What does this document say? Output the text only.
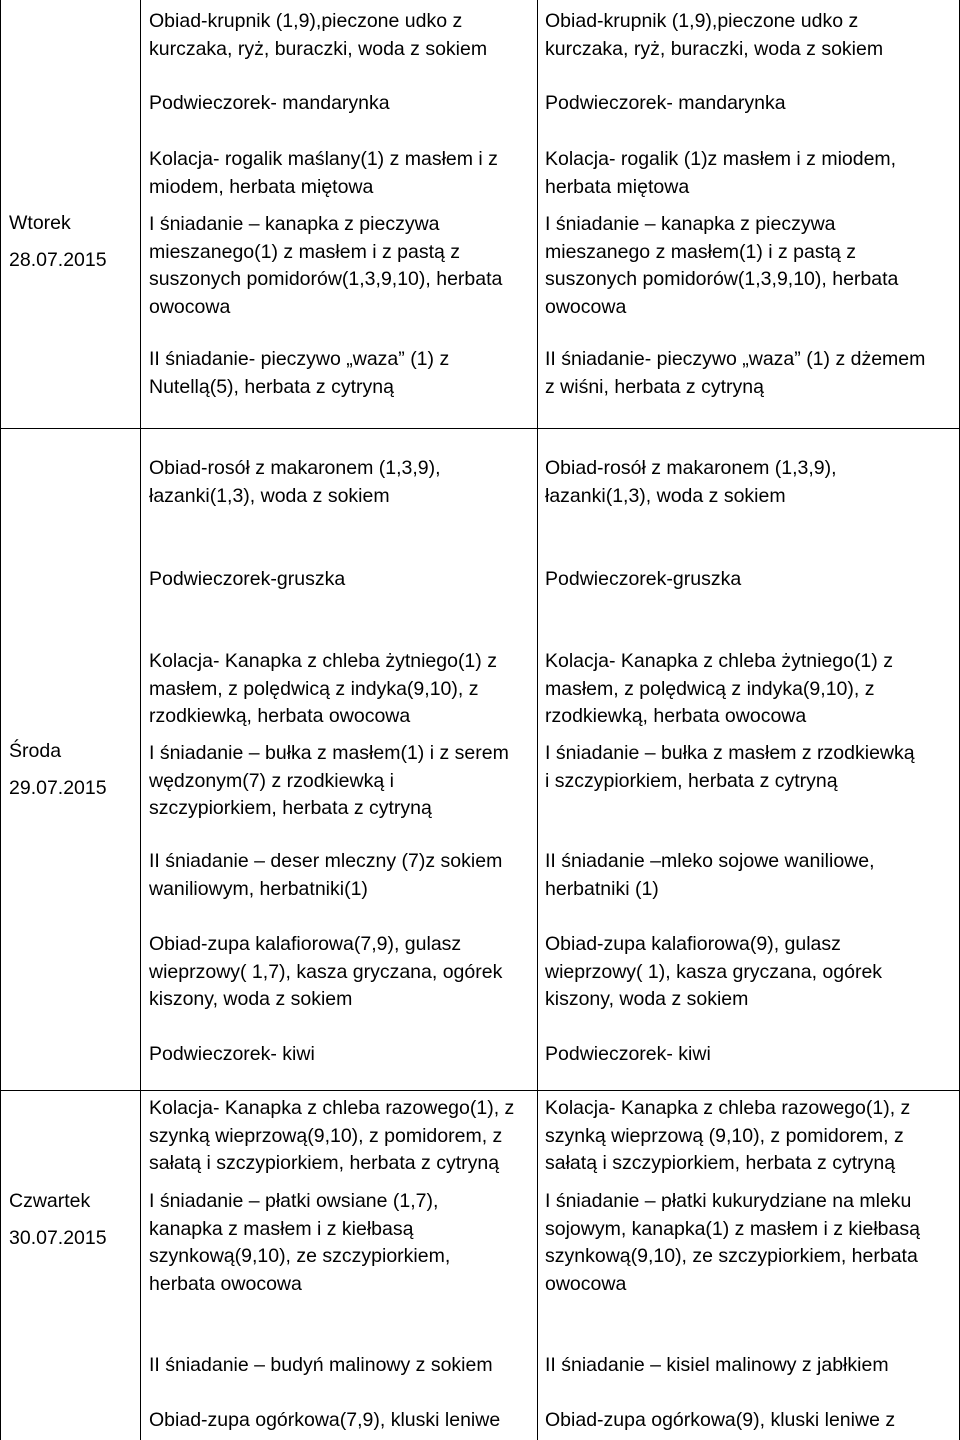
Wtorek
28.07.2015
Środa
29.07.2015
Czwartek
30.07.2015
Obiad-krupnik (1,9),pieczone udko z
kurczaka, ryż, buraczki, woda z sokiem
Podwieczorek- mandarynka
Kolacja- rogalik maślany(1) z masłem i z
miodem, herbata miętowa
I śniadanie – kanapka z pieczywa
mieszanego(1) z masłem i z pastą z
suszonych pomidorów(1,3,9,10), herbata
owocowa
II śniadanie- pieczywo „waza” (1) z
Nutellą(5), herbata z cytryną
Obiad-rosół z makaronem (1,3,9),
łazanki(1,3), woda z sokiem
Podwieczorek-gruszka
Kolacja- Kanapka z chleba żytniego(1) z
masłem, z polędwicą z indyka(9,10), z
rzodkiewką, herbata owocowa
I śniadanie – bułka z masłem(1) i z serem
wędzonym(7) z rzodkiewką i
szczypiorkiem, herbata z cytryną
II śniadanie – deser mleczny (7)z sokiem
waniliowym, herbatniki(1)
Obiad-zupa kalafiorowa(7,9), gulasz
wieprzowy( 1,7), kasza gryczana, ogórek
kiszony, woda z sokiem
Podwieczorek- kiwi
Kolacja- Kanapka z chleba razowego(1), z
szynką wieprzową(9,10), z pomidorem, z
sałatą i szczypiorkiem, herbata z cytryną
I śniadanie – płatki owsiane (1,7),
kanapka z masłem i z kiełbasą
szynkową(9,10), ze szczypiorkiem,
herbata owocowa
II śniadanie – budyń malinowy z sokiem
Obiad-zupa ogórkowa(7,9), kluski leniwe
Obiad-krupnik (1,9),pieczone udko z
kurczaka, ryż, buraczki, woda z sokiem
Podwieczorek- mandarynka
Kolacja- rogalik (1)z masłem i z miodem,
herbata miętowa
I śniadanie – kanapka z pieczywa
mieszanego z masłem(1) i z pastą z
suszonych pomidorów(1,3,9,10), herbata
owocowa
II śniadanie- pieczywo „waza” (1) z dżemem
z wiśni, herbata z cytryną
Obiad-rosół z makaronem (1,3,9),
łazanki(1,3), woda z sokiem
Podwieczorek-gruszka
Kolacja- Kanapka z chleba żytniego(1) z
masłem, z polędwicą z indyka(9,10), z
rzodkiewką, herbata owocowa
I śniadanie – bułka z masłem z rzodkiewką
i szczypiorkiem, herbata z cytryną
II śniadanie –mleko sojowe waniliowe,
herbatniki (1)
Obiad-zupa kalafiorowa(9), gulasz
wieprzowy( 1), kasza gryczana, ogórek
kiszony, woda z sokiem
Podwieczorek- kiwi
Kolacja- Kanapka z chleba razowego(1), z
szynką wieprzową (9,10), z pomidorem, z
sałatą i szczypiorkiem, herbata z cytryną
I śniadanie – płatki kukurydziane na mleku
sojowym, kanapka(1) z masłem i z kiełbasą
szynkową(9,10), ze szczypiorkiem, herbata
owocowa
II śniadanie – kisiel malinowy z jabłkiem
Obiad-zupa ogórkowa(9), kluski leniwe z
